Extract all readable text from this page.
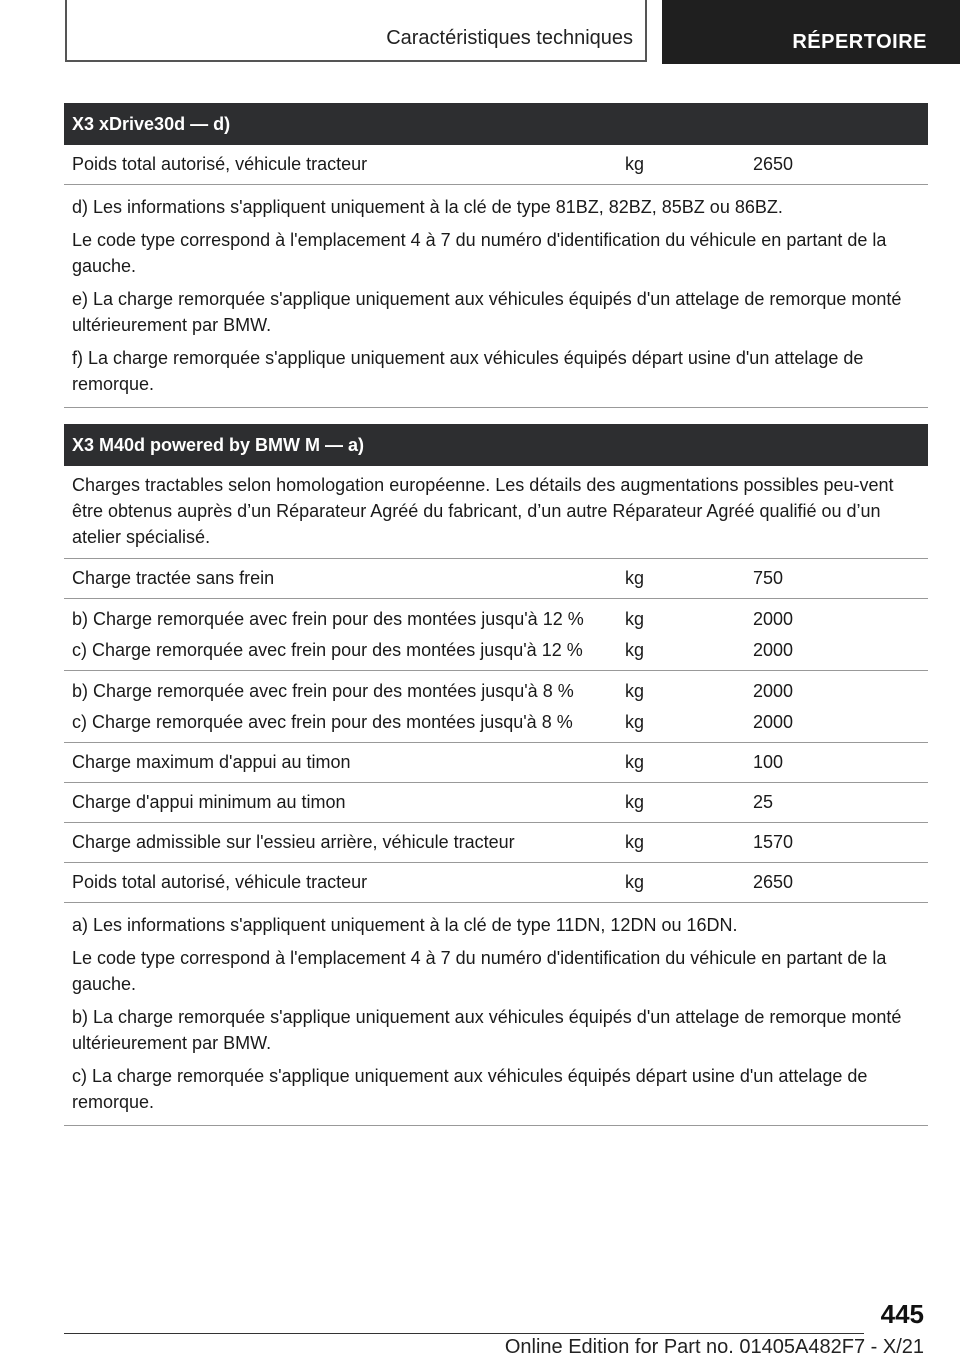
Caractéristiques techniques	RÉPERTOIRE
X3 xDrive30d — d)
Poids total autorisé, véhicule tracteur	kg	2650

d) Les informations s'appliquent uniquement à la clé de type 81BZ, 82BZ, 85BZ ou 86BZ.

Le code type correspond à l'emplacement 4 à 7 du numéro d'identification du véhicule en partant de la gauche.

e) La charge remorquée s'applique uniquement aux véhicules équipés d'un attelage de remorque monté ultérieurement par BMW.

f) La charge remorquée s'applique uniquement aux véhicules équipés départ usine d'un attelage de remorque.

X3 M40d powered by BMW M — a)
Charges tractables selon homologation européenne. Les détails des augmentations possibles peu-vent être obtenus auprès d’un Réparateur Agréé du fabricant, d’un autre Réparateur Agréé qualifié ou d’un atelier spécialisé.
Charge tractée sans frein	kg	750
b) Charge remorquée avec frein pour des montées jusqu'à 12 %	kg	2000
c) Charge remorquée avec frein pour des montées jusqu'à 12 %	kg	2000
b) Charge remorquée avec frein pour des montées jusqu'à 8 %	kg	2000
c) Charge remorquée avec frein pour des montées jusqu'à 8 %	kg	2000
Charge maximum d'appui au timon	kg	100
Charge d'appui minimum au timon	kg	25
Charge admissible sur l'essieu arrière, véhicule tracteur	kg	1570
Poids total autorisé, véhicule tracteur	kg	2650

a) Les informations s'appliquent uniquement à la clé de type 11DN, 12DN ou 16DN.

Le code type correspond à l'emplacement 4 à 7 du numéro d'identification du véhicule en partant de la gauche.

b) La charge remorquée s'applique uniquement aux véhicules équipés d'un attelage de remorque monté ultérieurement par BMW.

c) La charge remorquée s'applique uniquement aux véhicules équipés départ usine d'un attelage de remorque.

445
Online Edition for Part no. 01405A482F7 - X/21
